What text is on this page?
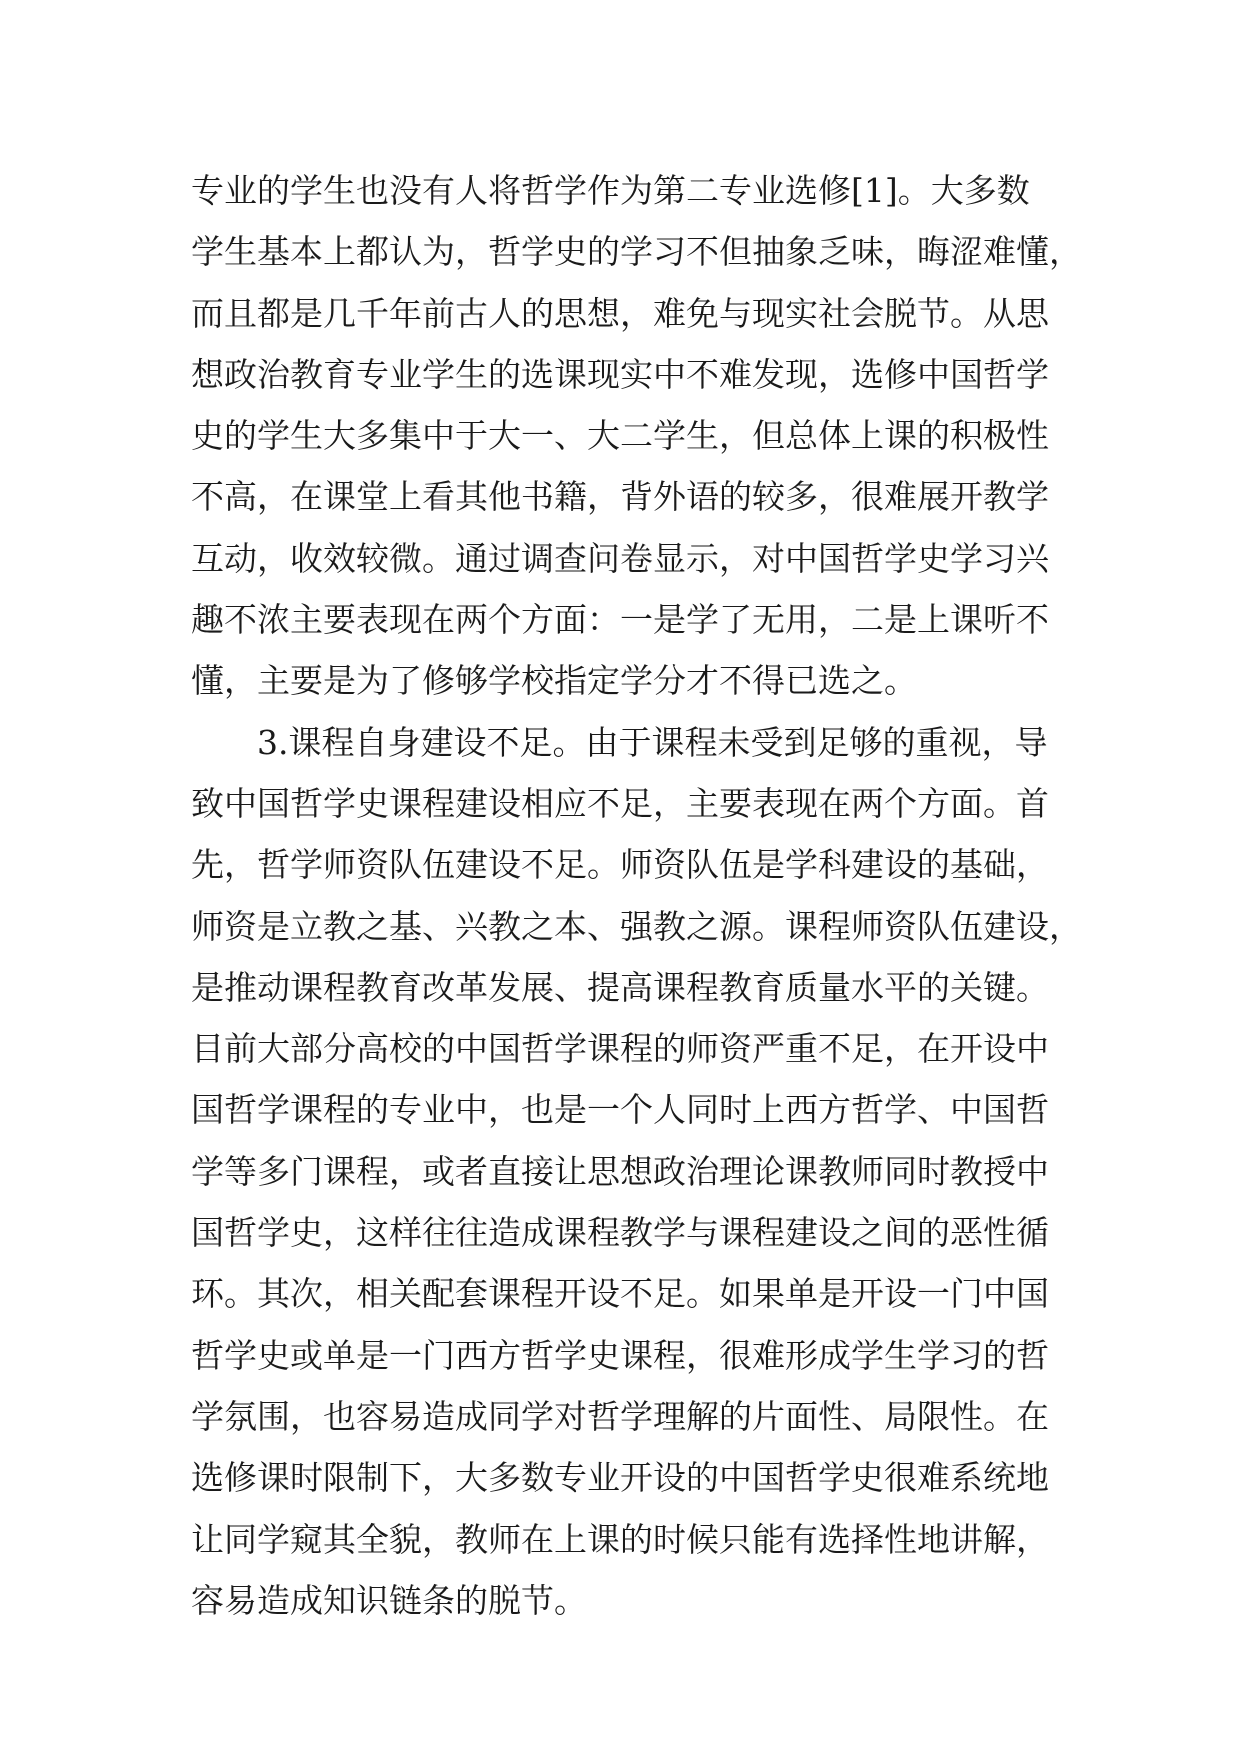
专业的学生也没有人将哲学作为第二专业选修[1]。大多数
学生基本上都认为，哲学史的学习不但抽象乏味，晦涩难懂，
而且都是几千年前古人的思想，难免与现实社会脱节。从思
想政治教育专业学生的选课现实中不难发现，选修中国哲学
史的学生大多集中于大一、大二学生，但总体上课的积极性
不高，在课堂上看其他书籍，背外语的较多，很难展开教学
互动，收效较微。通过调查问卷显示，对中国哲学史学习兴
趣不浓主要表现在两个方面：一是学了无用，二是上课听不
懂，主要是为了修够学校指定学分才不得已选之。
3.课程自身建设不足。由于课程未受到足够的重视，导
致中国哲学史课程建设相应不足，主要表现在两个方面。首
先，哲学师资队伍建设不足。师资队伍是学科建设的基础，
师资是立教之基、兴教之本、强教之源。课程师资队伍建设，
是推动课程教育改革发展、提高课程教育质量水平的关键。
目前大部分高校的中国哲学课程的师资严重不足，在开设中
国哲学课程的专业中，也是一个人同时上西方哲学、中国哲
学等多门课程，或者直接让思想政治理论课教师同时教授中
国哲学史，这样往往造成课程教学与课程建设之间的恶性循
环。其次，相关配套课程开设不足。如果单是开设一门中国
哲学史或单是一门西方哲学史课程，很难形成学生学习的哲
学氛围，也容易造成同学对哲学理解的片面性、局限性。在
选修课时限制下，大多数专业开设的中国哲学史很难系统地
让同学窥其全貌，教师在上课的时候只能有选择性地讲解，
容易造成知识链条的脱节。
